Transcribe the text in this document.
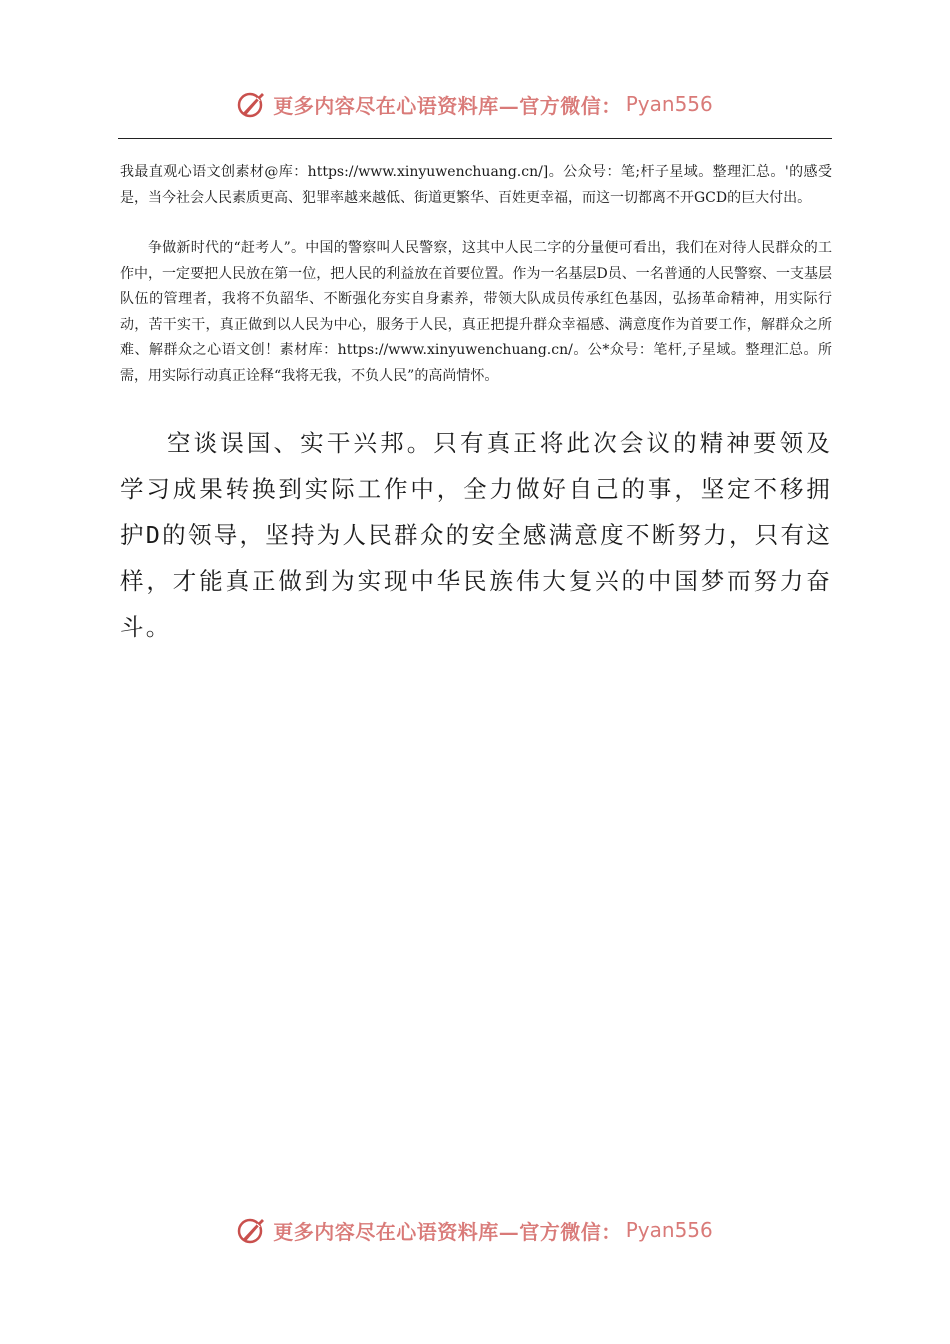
更多内容尽在心语资料库—官方微信： Pyan556

我最直观心语文创素材@库：https://www.xinyuwenchuang.cn/]。公众号：笔;杆子星域。整理汇总。'的感受是，当今社会人民素质更高、犯罪率越来越低、街道更繁华、百姓更幸福，而这一切都离不开GCD的巨大付出。

争做新时代的“赶考人”。中国的警察叫人民警察，这其中人民二字的分量便可看出，我们在对待人民群众的工作中，一定要把人民放在第一位，把人民的利益放在首要位置。作为一名基层D员、一名普通的人民警察、一支基层队伍的管理者，我将不负韶华、不断强化夯实自身素养，带领大队成员传承红色基因，弘扬革命精神，用实际行动，苦干实干，真正做到以人民为中心，服务于人民，真正把提升群众幸福感、满意度作为首要工作，解群众之所难、解群众之心语文创！素材库：https://www.xinyuwenchuang.cn/。公*众号：笔杆,子星域。整理汇总。所需，用实际行动真正诠释“我将无我，不负人民”的高尚情怀。

空谈误国、实干兴邦。只有真正将此次会议的精神要领及学习成果转换到实际工作中，全力做好自己的事，坚定不移拥护D的领导，坚持为人民群众的安全感满意度不断努力，只有这样，才能真正做到为实现中华民族伟大复兴的中国梦而努力奋斗。

更多内容尽在心语资料库—官方微信： Pyan556
